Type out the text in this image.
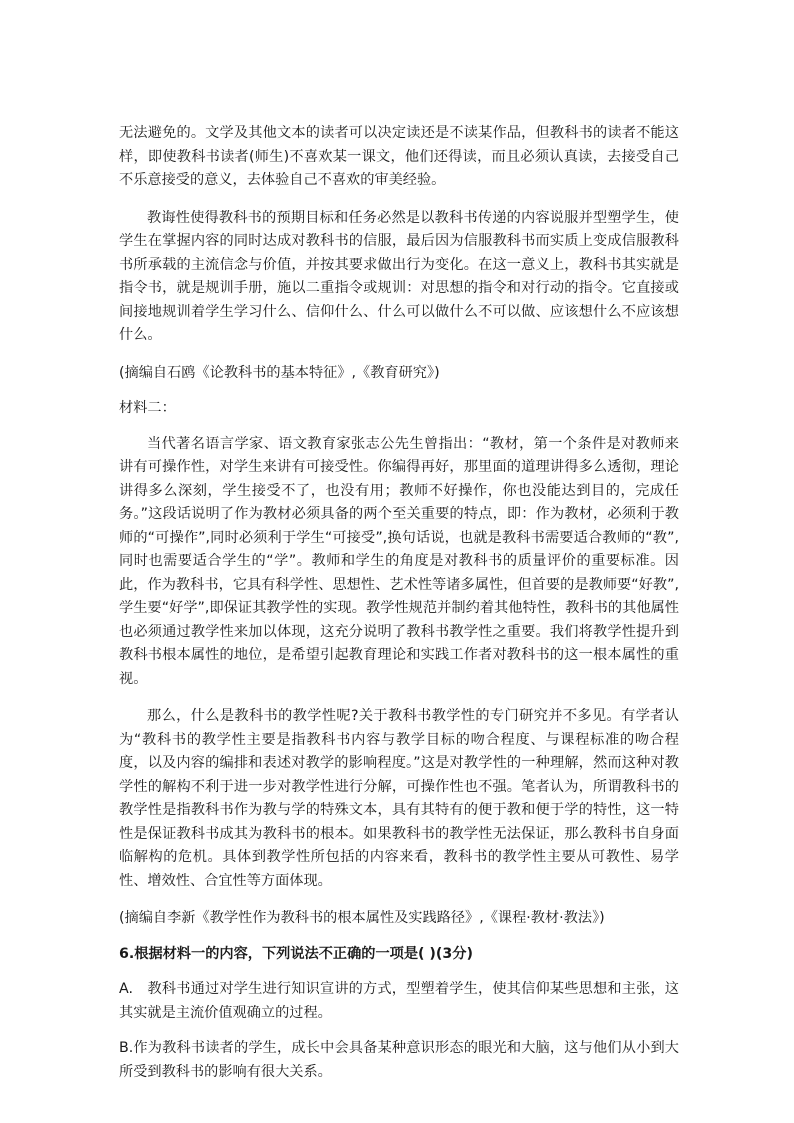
无法避免的。文学及其他文本的读者可以决定读还是不读某作品，但教科书的读者不能这样，即使教科书读者(师生)不喜欢某一课文，他们还得读，而且必须认真读，去接受自己不乐意接受的意义，去体验自己不喜欢的审美经验。

教诲性使得教科书的预期目标和任务必然是以教科书传递的内容说服并型塑学生，使学生在掌握内容的同时达成对教科书的信服，最后因为信服教科书而实质上变成信服教科书所承载的主流信念与价值，并按其要求做出行为变化。在这一意义上，教科书其实就是指令书，就是规训手册，施以二重指令或规训：对思想的指令和对行动的指令。它直接或间接地规训着学生学习什么、信仰什么、什么可以做什么不可以做、应该想什么不应该想什么。

(摘编自石鸥《论教科书的基本特征》,《教育研究》)

材料二：

当代著名语言学家、语文教育家张志公先生曾指出：“教材，第一个条件是对教师来讲有可操作性，对学生来讲有可接受性。你编得再好，那里面的道理讲得多么透彻，理论讲得多么深刻，学生接受不了，也没有用；教师不好操作，你也没能达到目的，完成任务。”这段话说明了作为教材必须具备的两个至关重要的特点，即：作为教材，必须利于教师的“可操作”,同时必须利于学生“可接受”,换句话说，也就是教科书需要适合教师的“教”,同时也需要适合学生的“学”。教师和学生的角度是对教科书的质量评价的重要标准。因此，作为教科书，它具有科学性、思想性、艺术性等诸多属性，但首要的是教师要“好教”,学生要“好学”,即保证其教学性的实现。教学性规范并制约着其他特性，教科书的其他属性也必须通过教学性来加以体现，这充分说明了教科书教学性之重要。我们将教学性提升到教科书根本属性的地位，是希望引起教育理论和实践工作者对教科书的这一根本属性的重视。

那么，什么是教科书的教学性呢?关于教科书教学性的专门研究并不多见。有学者认为“教科书的教学性主要是指教科书内容与教学目标的吻合程度、与课程标准的吻合程度，以及内容的编排和表述对教学的影响程度。”这是对教学性的一种理解，然而这种对教学性的解构不利于进一步对教学性进行分解，可操作性也不强。笔者认为，所谓教科书的教学性是指教科书作为教与学的特殊文本，具有其特有的便于教和便于学的特性，这一特性是保证教科书成其为教科书的根本。如果教科书的教学性无法保证，那么教科书自身面临解构的危机。具体到教学性所包括的内容来看，教科书的教学性主要从可教性、易学性、增效性、合宜性等方面体现。

(摘编自李新《教学性作为教科书的根本属性及实践路径》,《课程·教材·教法》)

6.根据材料一的内容，下列说法不正确的一项是( )(3分)

A.　教科书通过对学生进行知识宣讲的方式，型塑着学生，使其信仰某些思想和主张，这其实就是主流价值观确立的过程。

B.作为教科书读者的学生，成长中会具备某种意识形态的眼光和大脑，这与他们从小到大所受到教科书的影响有很大关系。
